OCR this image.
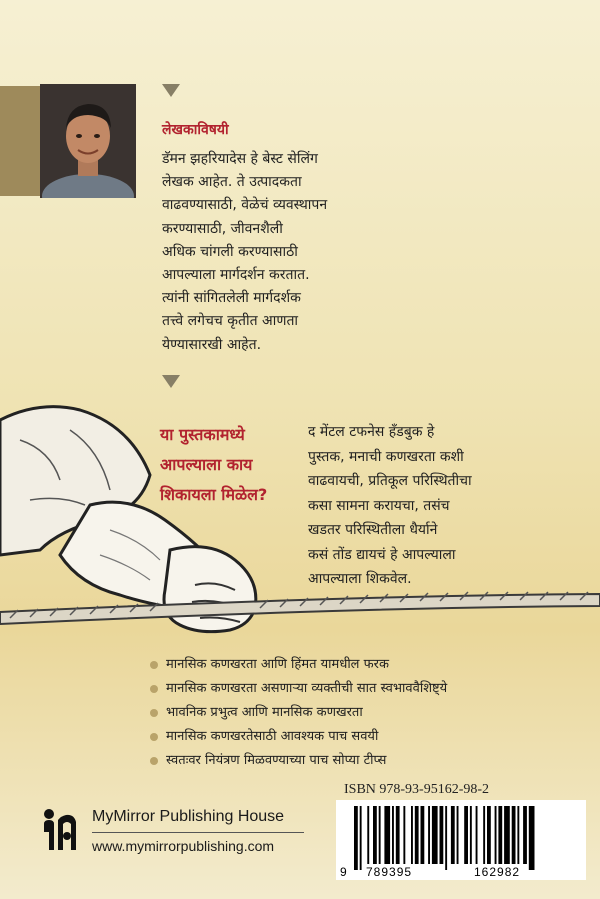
लेखकाविषयी
डॅमन झहरियादेस हे बेस्ट सेलिंग
लेखक आहेत. ते उत्पादकता
वाढवण्यासाठी, वेळेचं व्यवस्थापन
करण्यासाठी, जीवनशैली
अधिक चांगली करण्यासाठी
आपल्याला मार्गदर्शन करतात.
त्यांनी सांगितलेली मार्गदर्शक
तत्त्वे लगेचच कृतीत आणता
येण्यासारखी आहेत.
या पुस्तकामध्ये
आपल्याला काय
शिकायला मिळेल?
द मेंटल टफनेस हँडबुक हे
पुस्तक, मनाची कणखरता कशी
वाढवायची, प्रतिकूल परिस्थितीचा
कसा सामना करायचा, तसंच
खडतर परिस्थितीला धैर्याने
कसं तोंड द्यायचं हे आपल्याला
आपल्याला शिकवेल.
मानसिक कणखरता आणि हिंमत यामधील फरक
मानसिक कणखरता असणाऱ्या व्यक्तीची सात स्वभाववैशिष्ट्ये
भावनिक प्रभुत्व आणि मानसिक कणखरता
मानसिक कणखरतेसाठी आवश्यक पाच सवयी
स्वतःवर नियंत्रण मिळवण्याच्या पाच सोप्या टीप्स
MyMirror Publishing House
www.mymirrorpublishing.com
ISBN 978-93-95162-98-2
9 789395	162982
